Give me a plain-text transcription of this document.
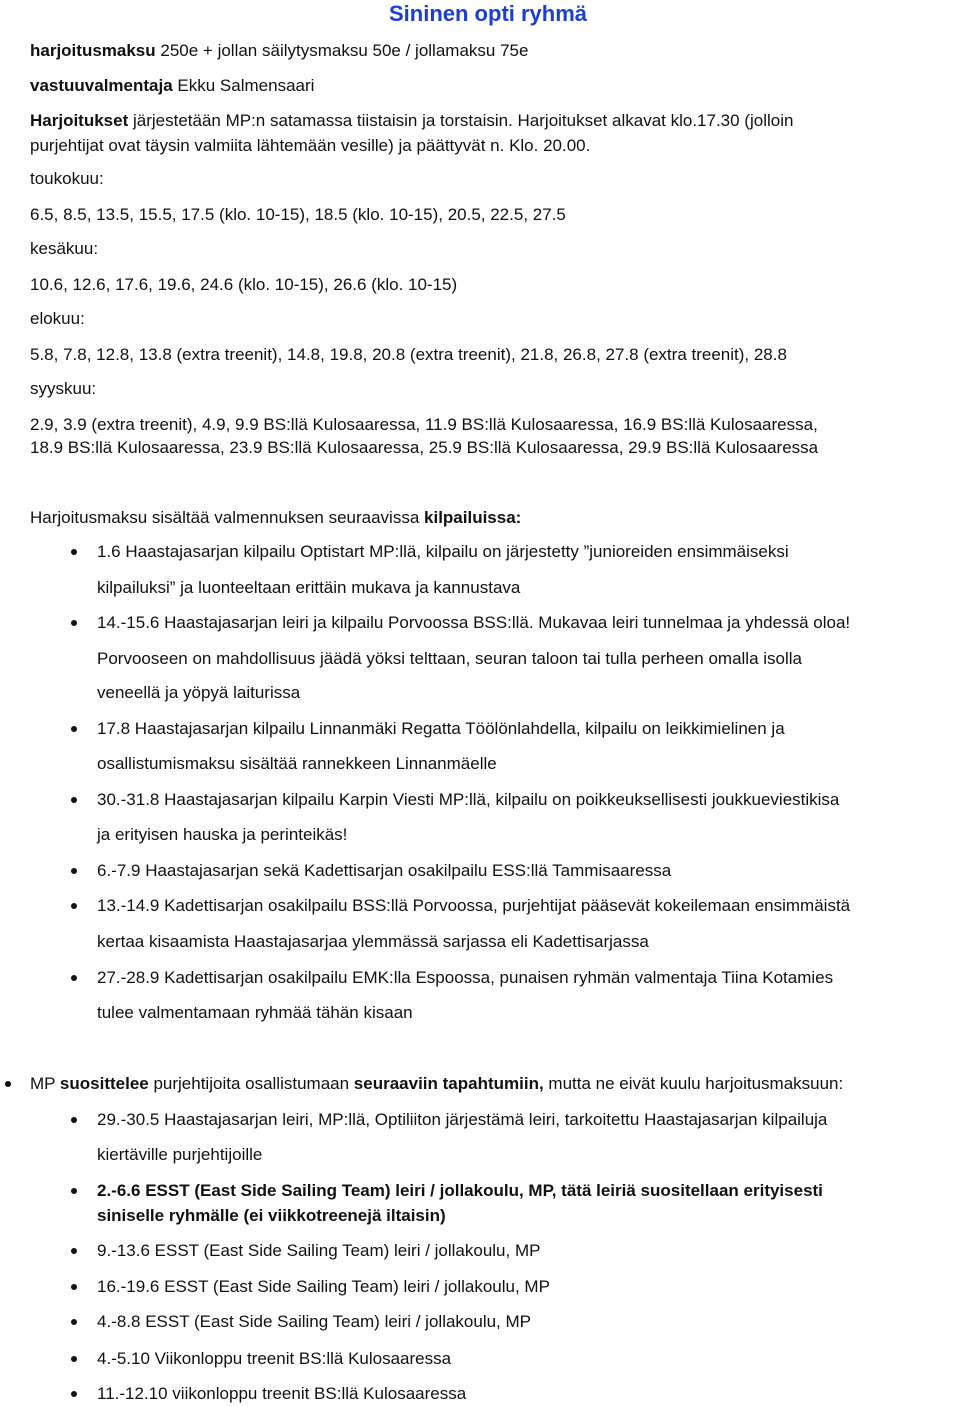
Sininen opti ryhmä
harjoitusmaksu 250e + jollan säilytysmaksu 50e / jollamaksu 75e
vastuuvalmentaja Ekku Salmensaari
Harjoitukset järjestetään MP:n satamassa tiistaisin ja torstaisin. Harjoitukset alkavat klo.17.30 (jolloin
purjehtijat ovat täysin valmiita lähtemään vesille) ja päättyvät n. Klo. 20.00.
toukokuu:
6.5, 8.5, 13.5, 15.5, 17.5 (klo. 10-15), 18.5 (klo. 10-15), 20.5, 22.5, 27.5
kesäkuu:
10.6, 12.6, 17.6, 19.6, 24.6 (klo. 10-15), 26.6 (klo. 10-15)
elokuu:
5.8, 7.8, 12.8, 13.8 (extra treenit), 14.8, 19.8, 20.8 (extra treenit), 21.8, 26.8, 27.8 (extra treenit), 28.8
syyskuu:
2.9, 3.9 (extra treenit), 4.9, 9.9 BS:llä Kulosaaressa, 11.9 BS:llä Kulosaaressa, 16.9 BS:llä Kulosaaressa,
18.9 BS:llä Kulosaaressa, 23.9 BS:llä Kulosaaressa, 25.9 BS:llä Kulosaaressa, 29.9 BS:llä Kulosaaressa
Harjoitusmaksu sisältää valmennuksen seuraavissa kilpailuissa:
1.6 Haastajasarjan kilpailu Optistart MP:llä, kilpailu on järjestetty ”junioreiden ensimmäiseksi
kilpailuksi” ja luonteeltaan erittäin mukava ja kannustava
14.-15.6 Haastajasarjan leiri ja kilpailu Porvoossa BSS:llä. Mukavaa leiri tunnelmaa ja yhdessä oloa!
Porvooseen on mahdollisuus jäädä yöksi telttaan, seuran taloon tai tulla perheen omalla isolla
veneellä ja yöpyä laiturissa
17.8 Haastajasarjan kilpailu Linnanmäki Regatta Töölönlahdella, kilpailu on leikkimielinen ja
osallistumismaksu sisältää rannekkeen Linnanmäelle
30.-31.8 Haastajasarjan kilpailu Karpin Viesti MP:llä, kilpailu on poikkeuksellisesti joukkueviestikisa
ja erityisen hauska ja perinteikäs!
6.-7.9 Haastajasarjan sekä Kadettisarjan osakilpailu ESS:llä Tammisaaressa
13.-14.9 Kadettisarjan osakilpailu BSS:llä Porvoossa, purjehtijat pääsevät kokeilemaan ensimmäistä
kertaa kisaamista Haastajasarjaa ylemmässä sarjassa eli Kadettisarjassa
27.-28.9 Kadettisarjan osakilpailu EMK:lla Espoossa, punaisen ryhmän valmentaja Tiina Kotamies
tulee valmentamaan ryhmää tähän kisaan
MP suosittelee purjehtijoita osallistumaan seuraaviin tapahtumiin, mutta ne eivät kuulu harjoitusmaksuun:
29.-30.5 Haastajasarjan leiri, MP:llä, Optiliiton järjestämä leiri, tarkoitettu Haastajasarjan kilpailuja
kiertäville purjehtijoille
2.-6.6 ESST (East Side Sailing Team) leiri / jollakoulu, MP, tätä leiriä suositellaan erityisesti
siniselle ryhmälle (ei viikkotreenejä iltaisin)
9.-13.6 ESST (East Side Sailing Team) leiri / jollakoulu, MP
16.-19.6 ESST (East Side Sailing Team) leiri / jollakoulu, MP
4.-8.8 ESST (East Side Sailing Team) leiri / jollakoulu, MP
4.-5.10 Viikonloppu treenit BS:llä Kulosaaressa
11.-12.10 viikonloppu treenit BS:llä Kulosaaressa
